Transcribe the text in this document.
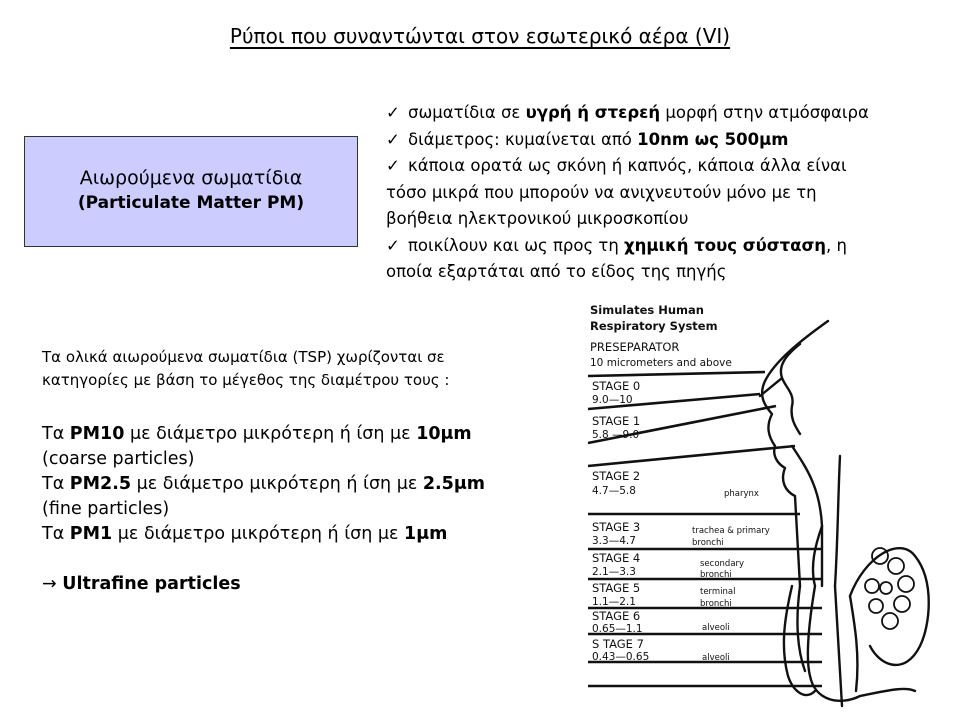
Ρύποι που συναντώνται στον εσωτερικό αέρα (VI)
Αιωρούμενα σωματίδια
(Particulate Matter PM)
✓ σωματίδια σε υγρή ή στερεή μορφή στην ατμόσφαιρα
✓ διάμετρος: κυμαίνεται από 10nm ως 500μm
✓ κάποια ορατά ως σκόνη ή καπνός, κάποια άλλα είναι
τόσο μικρά που μπορούν να ανιχνευτούν μόνο με τη
βοήθεια ηλεκτρονικού μικροσκοπίου
✓ ποικίλουν και ως προς τη χημική τους σύσταση, η
οποία εξαρτάται από το είδος της πηγής
Τα ολικά αιωρούμενα σωματίδια (TSP) χωρίζονται σε
κατηγορίες με βάση το μέγεθος της διαμέτρου τους :
Τα PM10 με διάμετρο μικρότερη ή ίση με 10μm
(coarse particles)
Τα PM2.5 με διάμετρο μικρότερη ή ίση με 2.5μm
(fine particles)
Τα PM1 με διάμετρο μικρότερη ή ίση με 1μm
→ Ultrafine particles
Simulates Human
Respiratory System
PRESEPARATOR
10 micrometers and above
STAGE 0
9.0—10
STAGE 1
5.8 —9.0
STAGE 2
4.7—5.8	pharynx
STAGE 3
3.3—4.7
trachea & primary
bronchi
STAGE 4
2.1—3.3
secondary
bronchi
STAGE 5
1.1—2.1
terminal
bronchi
STAGE 6
0.65—1.1	alveoli
S TAGE 7
0.43—0.65	alveoli
